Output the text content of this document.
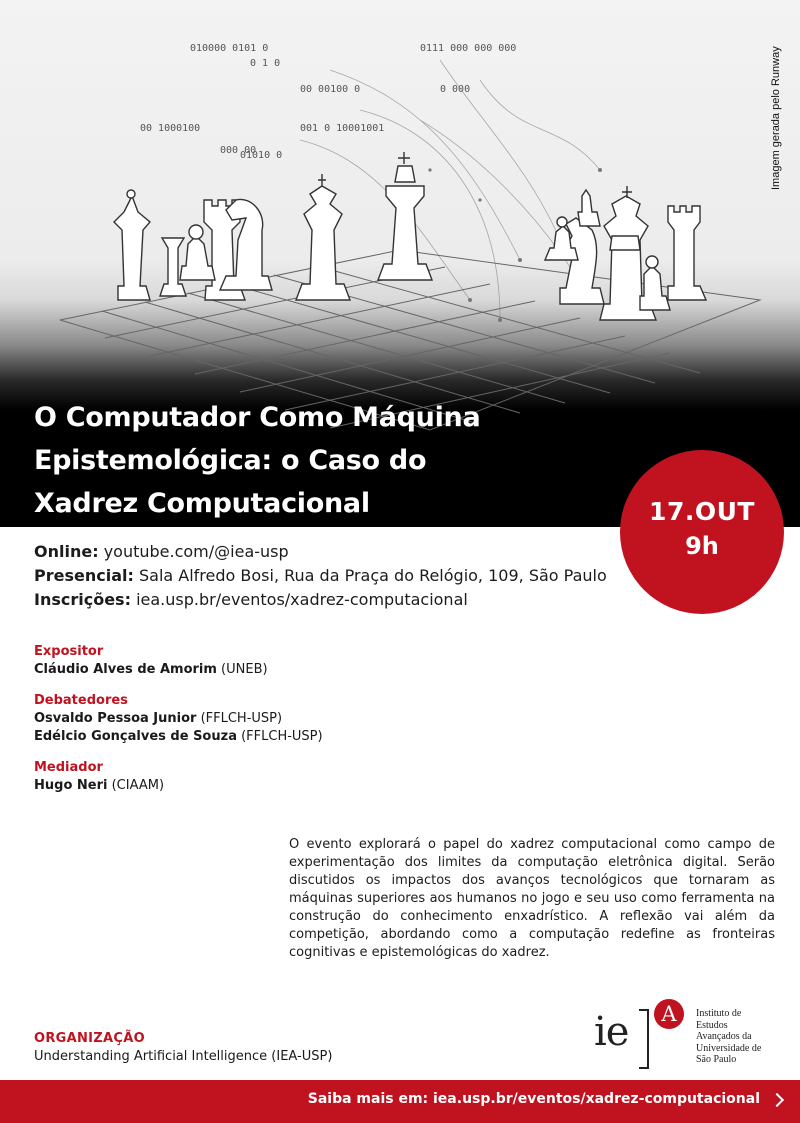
010000 0101 0
0 1 0
0111 000 000 000
00 00100 0	0 000
00 1000100	001 0 10001001
000 00
01010 0	Imagem gerada pelo Runway
O Computador Como Máquina
Epistemológica: o Caso do
Xadrez Computacional	17.OUT
9h
Online: youtube.com/@iea-usp
Presencial: Sala Alfredo Bosi, Rua da Praça do Relógio, 109, São Paulo
Inscrições: iea.usp.br/eventos/xadrez-computacional
Expositor
Cláudio Alves de Amorim (UNEB)
Debatedores
Osvaldo Pessoa Junior (FFLCH-USP)
Edélcio Gonçalves de Souza (FFLCH-USP)
Mediador
Hugo Neri (CIAAM)

O evento explorará o papel do xadrez computacional como campo de experimentação dos limites da computação eletrônica digital. Serão discutidos os impactos dos avanços tecnológicos que tornaram as máquinas superiores aos humanos no jogo e seu uso como ferramenta na construção do conhecimento enxadrístico. A reflexão vai além da competição, abordando como a computação redefine as fronteiras cognitivas e epistemológicas do xadrez.

ORGANIZAÇÃO
Understanding Artificial Intelligence (IEA-USP)
ie	A	Instituto de
Estudos
Avançados da
Universidade de
São Paulo
Saiba mais em: iea.usp.br/eventos/xadrez-computacional
